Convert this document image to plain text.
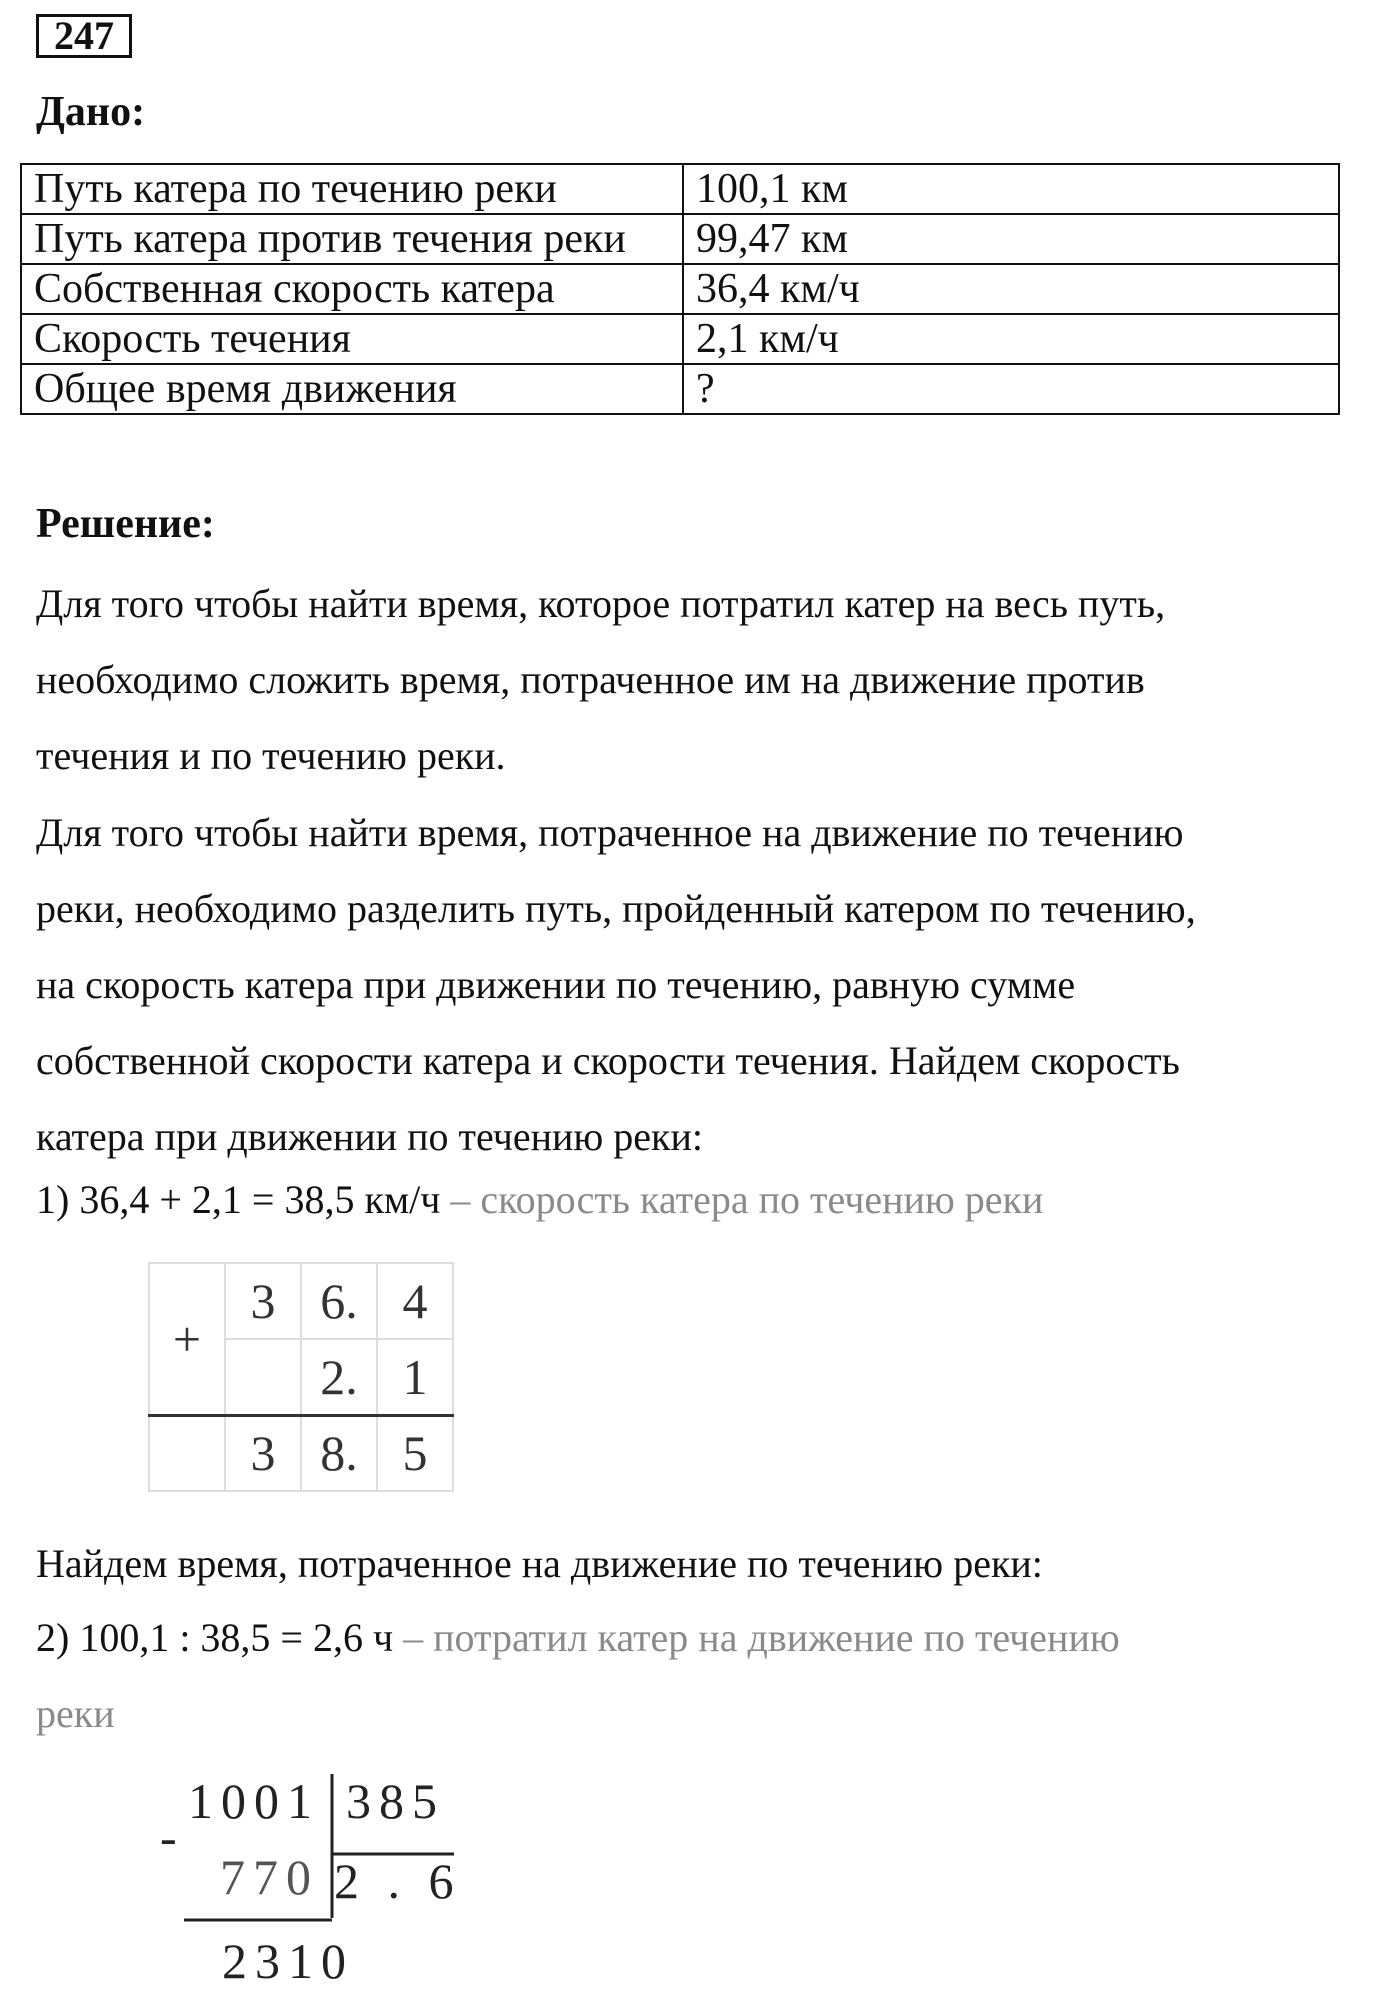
247
Дано:
Путь катера по течению реки	100,1 км
Путь катера против течения реки	99,47 км
Собственная скорость катера	36,4 км/ч
Скорость течения	2,1 км/ч
Общее время движения	?
Решение:
Для того чтобы найти время, которое потратил катер на весь путь,
необходимо сложить время, потраченное им на движение против
течения и по течению реки.
Для того чтобы найти время, потраченное на движение по течению
реки, необходимо разделить путь, пройденный катером по течению,
на скорость катера при движении по течению, равную сумме
собственной скорости катера и скорости течения. Найдем скорость
катера при движении по течению реки:
1) 36,4 + 2,1 = 38,5 км/ч – скорость катера по течению реки
+	3	6.	4
		2.	1
	3	8.	5
Найдем время, потраченное на движение по течению реки:
2) 100,1 : 38,5 = 2,6 ч – потратил катер на движение по течению
реки
1001 385
-
770 2 . 6
2310
